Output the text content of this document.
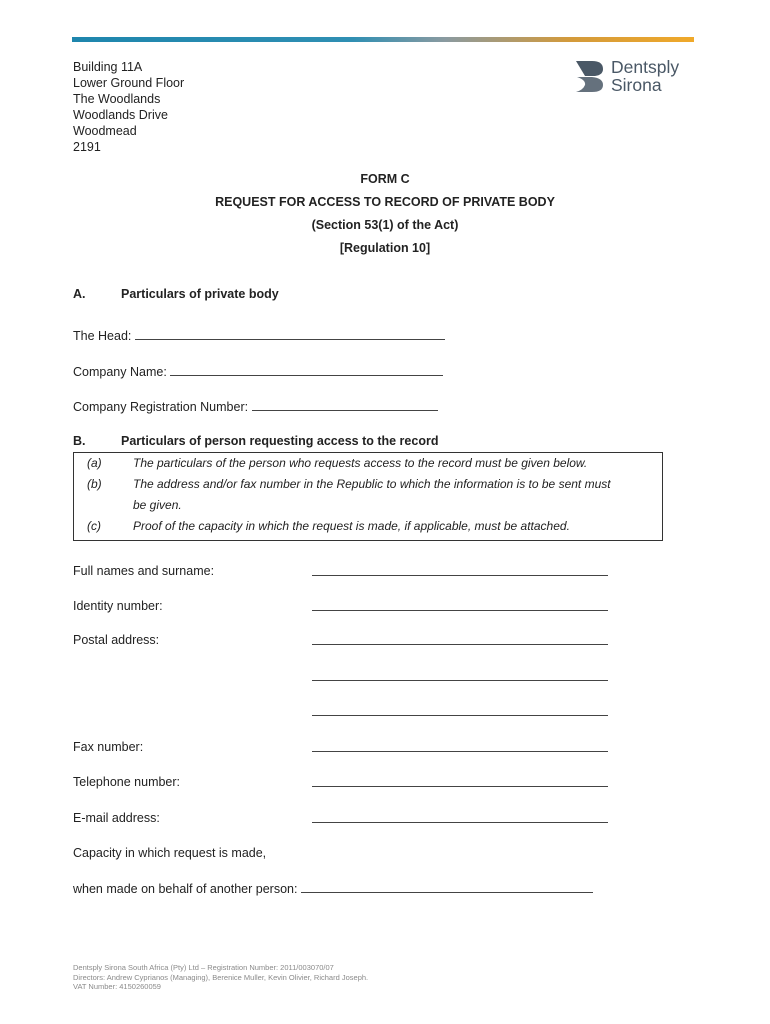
Building 11A
Lower Ground Floor
The Woodlands
Woodlands Drive
Woodmead
2191
Dentsply
Sirona
FORM C
REQUEST FOR ACCESS TO RECORD OF PRIVATE BODY
(Section 53(1) of the Act)
[Regulation 10]
A.	Particulars of private body
The Head:
Company Name:
Company Registration Number:
B.	Particulars of person requesting access to the record
(a)	The particulars of the person who requests access to the record must be given below.
(b)	The address and/or fax number in the Republic to which the information is to be sent must
be given.
(c)	Proof of the capacity in which the request is made, if applicable, must be attached.
Full names and surname:
Identity number:
Postal address:
Fax number:
Telephone number:
E-mail address:
Capacity in which request is made,
when made on behalf of another person:
Dentsply Sirona South Africa (Pty) Ltd – Registration Number: 2011/003070/07
Directors: Andrew Cyprianos (Managing), Berenice Muller, Kevin Olivier, Richard Joseph.
VAT Number: 4150260059
